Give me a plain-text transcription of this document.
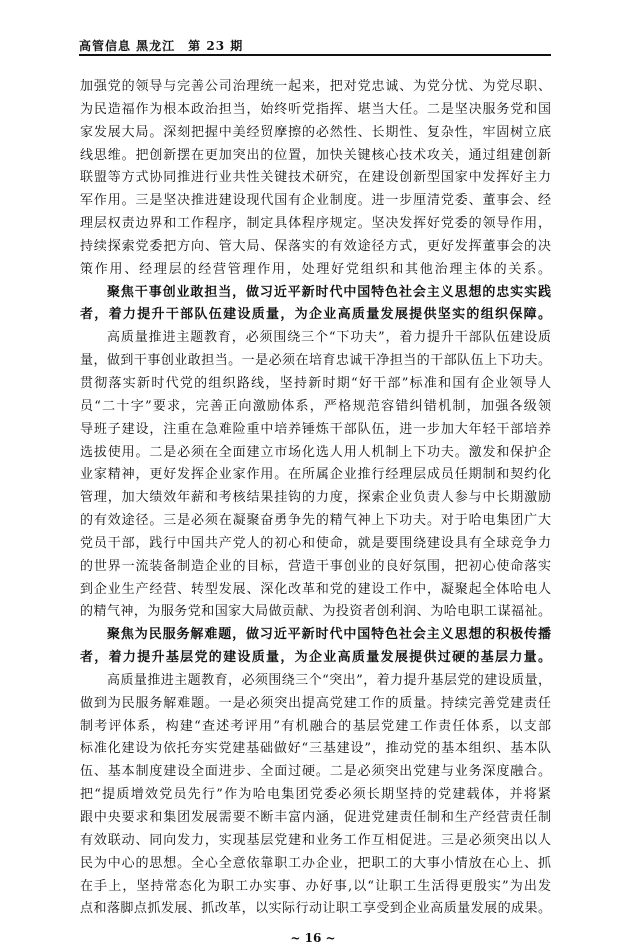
高管信息 黑龙江　第 23 期
加强党的领导与完善公司治理统一起来，把对党忠诚、为党分忧、为党尽职、
为民造福作为根本政治担当，始终听党指挥、堪当大任。二是坚决服务党和国
家发展大局。深刻把握中美经贸摩擦的必然性、长期性、复杂性，牢固树立底
线思维。把创新摆在更加突出的位置，加快关键核心技术攻关，通过组建创新
联盟等方式协同推进行业共性关键技术研究，在建设创新型国家中发挥好主力
军作用。三是坚决推进建设现代国有企业制度。进一步厘清党委、董事会、经
理层权责边界和工作程序，制定具体程序规定。坚决发挥好党委的领导作用，
持续探索党委把方向、管大局、保落实的有效途径方式，更好发挥董事会的决
策作用、经理层的经营管理作用，处理好党组织和其他治理主体的关系。
聚焦干事创业敢担当，做习近平新时代中国特色社会主义思想的忠实实践
者，着力提升干部队伍建设质量，为企业高质量发展提供坚实的组织保障。
高质量推进主题教育，必须围绕三个“下功夫”，着力提升干部队伍建设质
量，做到干事创业敢担当。一是必须在培育忠诚干净担当的干部队伍上下功夫。
贯彻落实新时代党的组织路线，坚持新时期“好干部”标准和国有企业领导人
员“二十字”要求，完善正向激励体系，严格规范容错纠错机制，加强各级领
导班子建设，注重在急难险重中培养锤炼干部队伍，进一步加大年轻干部培养
选拔使用。二是必须在全面建立市场化选人用人机制上下功夫。激发和保护企
业家精神，更好发挥企业家作用。在所属企业推行经理层成员任期制和契约化
管理，加大绩效年薪和考核结果挂钩的力度，探索企业负责人参与中长期激励
的有效途径。三是必须在凝聚奋勇争先的精气神上下功夫。对于哈电集团广大
党员干部，践行中国共产党人的初心和使命，就是要围绕建设具有全球竞争力
的世界一流装备制造企业的目标，营造干事创业的良好氛围，把初心使命落实
到企业生产经营、转型发展、深化改革和党的建设工作中，凝聚起全体哈电人
的精气神，为服务党和国家大局做贡献、为投资者创利润、为哈电职工谋福祉。
聚焦为民服务解难题，做习近平新时代中国特色社会主义思想的积极传播
者，着力提升基层党的建设质量，为企业高质量发展提供过硬的基层力量。
高质量推进主题教育，必须围绕三个“突出”，着力提升基层党的建设质量，
做到为民服务解难题。一是必须突出提高党建工作的质量。持续完善党建责任
制考评体系，构建“查述考评用”有机融合的基层党建工作责任体系，以支部
标准化建设为依托夯实党建基础做好“三基建设”，推动党的基本组织、基本队
伍、基本制度建设全面进步、全面过硬。二是必须突出党建与业务深度融合。
把“提质增效党员先行”作为哈电集团党委必须长期坚持的党建载体，并将紧
跟中央要求和集团发展需要不断丰富内涵，促进党建责任制和生产经营责任制
有效联动、同向发力，实现基层党建和业务工作互相促进。三是必须突出以人
民为中心的思想。全心全意依靠职工办企业，把职工的大事小情放在心上、抓
在手上，坚持常态化为职工办实事、办好事,以“让职工生活得更殷实”为出发
点和落脚点抓发展、抓改革，以实际行动让职工享受到企业高质量发展的成果。
~ 16 ~
